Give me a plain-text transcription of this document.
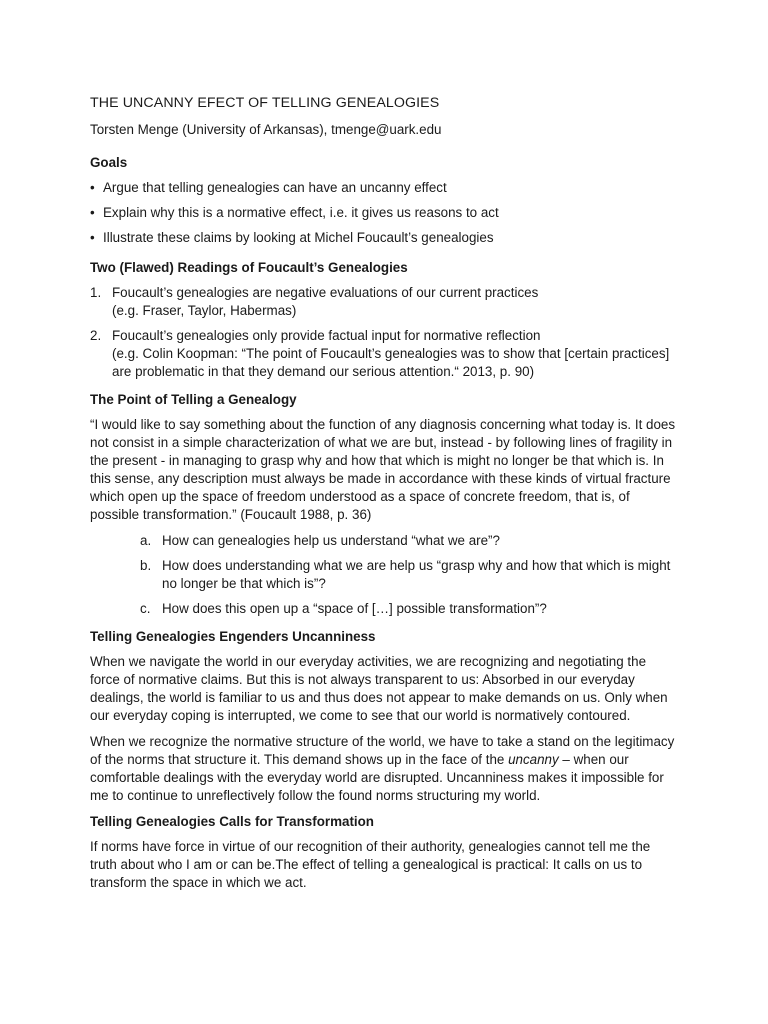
THE UNCANNY EFECT OF TELLING GENEALOGIES
Torsten Menge (University of Arkansas), tmenge@uark.edu
Goals
• Argue that telling genealogies can have an uncanny effect
• Explain why this is a normative effect, i.e. it gives us reasons to act
• Illustrate these claims by looking at Michel Foucault’s genealogies
Two (Flawed) Readings of Foucault’s Genealogies
1. Foucault’s genealogies are negative evaluations of our current practices
(e.g. Fraser, Taylor, Habermas)
2. Foucault’s genealogies only provide factual input for normative reflection
(e.g. Colin Koopman: “The point of Foucault’s genealogies was to show that [certain practices] are problematic in that they demand our serious attention.“ 2013, p. 90)
The Point of Telling a Genealogy

“I would like to say something about the function of any diagnosis concerning what today is. It does not consist in a simple characterization of what we are but, instead - by following lines of fragility in the present - in managing to grasp why and how that which is might no longer be that which is. In this sense, any description must always be made in accordance with these kinds of virtual fracture which open up the space of freedom understood as a space of concrete freedom, that is, of possible transformation.” (Foucault 1988, p. 36)

a. How can genealogies help us understand “what we are”?
b. How does understanding what we are help us “grasp why and how that which is might no longer be that which is”?
c. How does this open up a “space of […] possible transformation”?
Telling Genealogies Engenders Uncanniness

When we navigate the world in our everyday activities, we are recognizing and negotiating the force of normative claims. But this is not always transparent to us: Absorbed in our everyday dealings, the world is familiar to us and thus does not appear to make demands on us. Only when our everyday coping is interrupted, we come to see that our world is normatively contoured.

When we recognize the normative structure of the world, we have to take a stand on the legitimacy of the norms that structure it. This demand shows up in the face of the uncanny – when our comfortable dealings with the everyday world are disrupted. Uncanniness makes it impossible for me to continue to unreflectively follow the found norms structuring my world.

Telling Genealogies Calls for Transformation

If norms have force in virtue of our recognition of their authority, genealogies cannot tell me the truth about who I am or can be.The effect of telling a genealogical is practical: It calls on us to transform the space in which we act.
